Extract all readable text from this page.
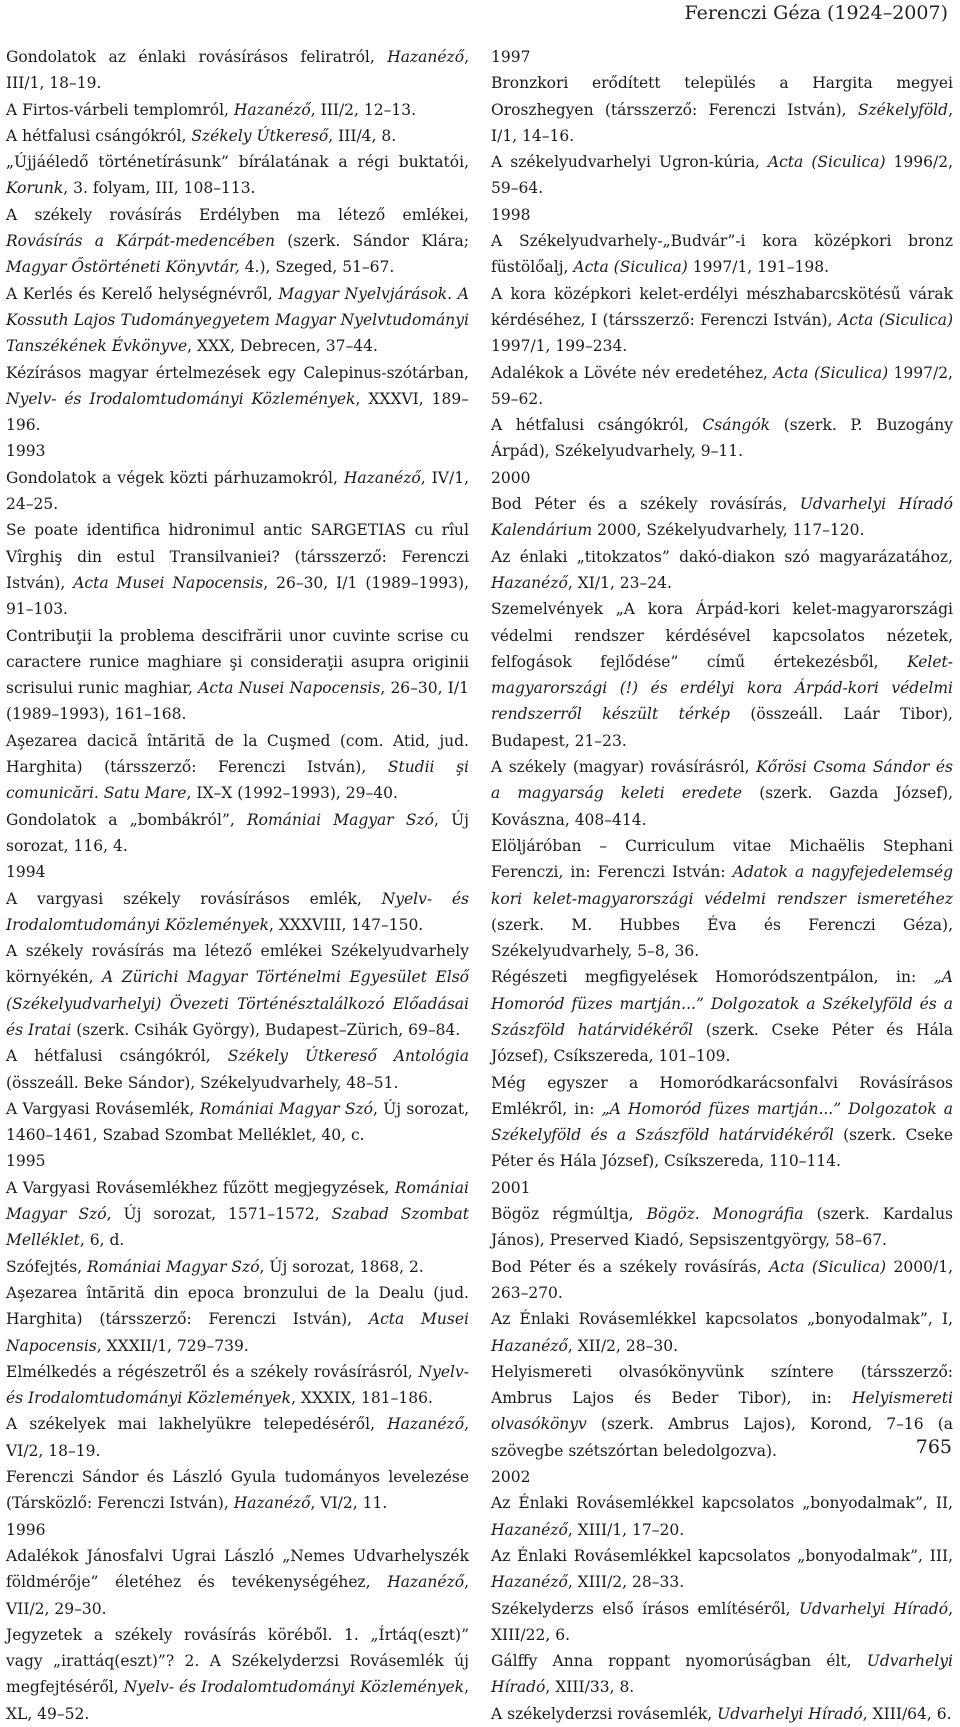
Ferenczi Géza (1924–2007)

Gondolatok az énlaki rovásírásos feliratról, Hazanéző, III/1, 18–19.

A Firtos-várbeli templomról, Hazanéző, III/2, 12–13.

A hétfalusi csángókról, Székely Útkereső, III/4, 8.

„Újjáéledő történetírásunk” bírálatának a régi buktatói, Korunk, 3. folyam, III, 108–113.

A székely rovásírás Erdélyben ma létező emlékei, Rovásírás a Kárpát-medencében (szerk. Sándor Klára; Magyar Őstörténeti Könyvtár, 4.), Szeged, 51–67.

A Kerlés és Kerelő helységnévről, Magyar Nyelvjárások. A Kossuth Lajos Tudományegyetem Magyar Nyelvtudományi Tanszékének Évkönyve, XXX, Debrecen, 37–44.

Kézírásos magyar értelmezések egy Calepinus-szótárban, Nyelv- és Irodalomtudományi Közlemények, XXXVI, 189–196.

1993

Gondolatok a végek közti párhuzamokról, Hazanéző, IV/1, 24–25.

Se poate identifica hidronimul antic SARGETIAS cu rîul Vîrghiş din estul Transilvaniei? (társszerző: Ferenczi István), Acta Musei Napocensis, 26–30, I/1 (1989–1993), 91–103.

Contribuţii la problema descifrării unor cuvinte scrise cu caractere runice maghiare şi consideraţii asupra originii scrisului runic maghiar, Acta Nusei Napocensis, 26–30, I/1 (1989–1993), 161–168.

Aşezarea dacică întărită de la Cuşmed (com. Atid, jud. Harghita) (társszerző: Ferenczi István), Studii şi comunicări. Satu Mare, IX–X (1992–1993), 29–40.

Gondolatok a „bombákról”, Romániai Magyar Szó, Új sorozat, 116, 4.

1994

A vargyasi székely rovásírásos emlék, Nyelv- és Irodalomtudományi Közlemények, XXXVIII, 147–150.

A székely rovásírás ma létező emlékei Székelyudvarhely környékén, A Zürichi Magyar Történelmi Egyesület Első (Székelyudvarhelyi) Övezeti Történésztalálkozó Előadásai és Iratai (szerk. Csihák György), Budapest–Zürich, 69–84.

A hétfalusi csángókról, Székely Útkereső Antológia (összeáll. Beke Sándor), Székelyudvarhely, 48–51.

A Vargyasi Rovásemlék, Romániai Magyar Szó, Új sorozat, 1460–1461, Szabad Szombat Melléklet, 40, c.

1995

A Vargyasi Rovásemlékhez fűzött megjegyzések, Romániai Magyar Szó, Új sorozat, 1571–1572, Szabad Szombat Melléklet, 6, d.

Szófejtés, Romániai Magyar Szó, Új sorozat, 1868, 2.

Aşezarea întărită din epoca bronzului de la Dealu (jud. Harghita) (társszerző: Ferenczi István), Acta Musei Napocensis, XXXII/1, 729–739.

Elmélkedés a régészetről és a székely rovásírásról, Nyelv- és Irodalomtudományi Közlemények, XXXIX, 181–186.

A székelyek mai lakhelyükre telepedéséről, Hazanéző, VI/2, 18–19.

Ferenczi Sándor és László Gyula tudományos levelezése (Társközlő: Ferenczi István), Hazanéző, VI/2, 11.

1996

Adalékok Jánosfalvi Ugrai László „Nemes Udvarhelyszék földmérője” életéhez és tevékenységéhez, Hazanéző, VII/2, 29–30.

Jegyzetek a székely rovásírás köréből. 1. „Írtáq(eszt)” vagy „irattáq(eszt)”? 2. A Székelyderzsi Rovásemlék új megfejtéséről, Nyelv- és Irodalomtudományi Közlemények, XL, 49–52.

1997

Bronzkori erődített település a Hargita megyei Oroszhegyen (társszerző: Ferenczi István), Székelyföld, I/1, 14–16.

A székelyudvarhelyi Ugron-kúria, Acta (Siculica) 1996/2, 59–64.

1998

A Székelyudvarhely-„Budvár”-i kora középkori bronz füstölőalj, Acta (Siculica) 1997/1, 191–198.

A kora középkori kelet-erdélyi mészhabarcskötésű várak kérdéséhez, I (társszerző: Ferenczi István), Acta (Siculica) 1997/1, 199–234.

Adalékok a Lövéte név eredetéhez, Acta (Siculica) 1997/2, 59–62.

A hétfalusi csángókról, Csángók (szerk. P. Buzogány Árpád), Székelyudvarhely, 9–11.

2000

Bod Péter és a székely rovásírás, Udvarhelyi Híradó Kalendárium 2000, Székelyudvarhely, 117–120.

Az énlaki „titokzatos” dakó-diakon szó magyarázatához, Hazanéző, XI/1, 23–24.

Szemelvények „A kora Árpád-kori kelet-magyarországi védelmi rendszer kérdésével kapcsolatos nézetek, felfogások fejlődése” című értekezésből, Kelet-magyarországi (!) és erdélyi kora Árpád-kori védelmi rendszerről készült térkép (összeáll. Laár Tibor), Budapest, 21–23.

A székely (magyar) rovásírásról, Kőrösi Csoma Sándor és a magyarság keleti eredete (szerk. Gazda József), Kovászna, 408–414.

Elöljáróban – Curriculum vitae Michaëlis Stephani Ferenczi, in: Ferenczi István: Adatok a nagyfejedelemség kori kelet-magyarországi védelmi rendszer ismeretéhez (szerk. M. Hubbes Éva és Ferenczi Géza), Székelyudvarhely, 5–8, 36.

Régészeti megfigyelések Homoródszentpálon, in: „A Homoród füzes martján...” Dolgozatok a Székelyföld és a Szászföld határvidékéről (szerk. Cseke Péter és Hála József), Csíkszereda, 101–109.

Még egyszer a Homoródkarácsonfalvi Rovásírásos Emlékről, in: „A Homoród füzes martján...” Dolgozatok a Székelyföld és a Szászföld határvidékéről (szerk. Cseke Péter és Hála József), Csíkszereda, 110–114.

2001

Bögöz régmúltja, Bögöz. Monográfia (szerk. Kardalus János), Preserved Kiadó, Sepsiszentgyörgy, 58–67.

Bod Péter és a székely rovásírás, Acta (Siculica) 2000/1, 263–270.

Az Énlaki Rovásemlékkel kapcsolatos „bonyodalmak”, I, Hazanéző, XII/2, 28–30.

Helyismereti olvasókönyvünk színtere (társszerző: Ambrus Lajos és Beder Tibor), in: Helyismereti olvasókönyv (szerk. Ambrus Lajos), Korond, 7–16 (a szövegbe szétszórtan beledolgozva).

2002

Az Énlaki Rovásemlékkel kapcsolatos „bonyodalmak”, II, Hazanéző, XIII/1, 17–20.

Az Énlaki Rovásemlékkel kapcsolatos „bonyodalmak”, III, Hazanéző, XIII/2, 28–33.

Székelyderzs első írásos említéséről, Udvarhelyi Híradó, XIII/22, 6.

Gálffy Anna roppant nyomorúságban élt, Udvarhelyi Híradó, XIII/33, 8.

A székelyderzsi rovásemlék, Udvarhelyi Híradó, XIII/64, 6.

765
